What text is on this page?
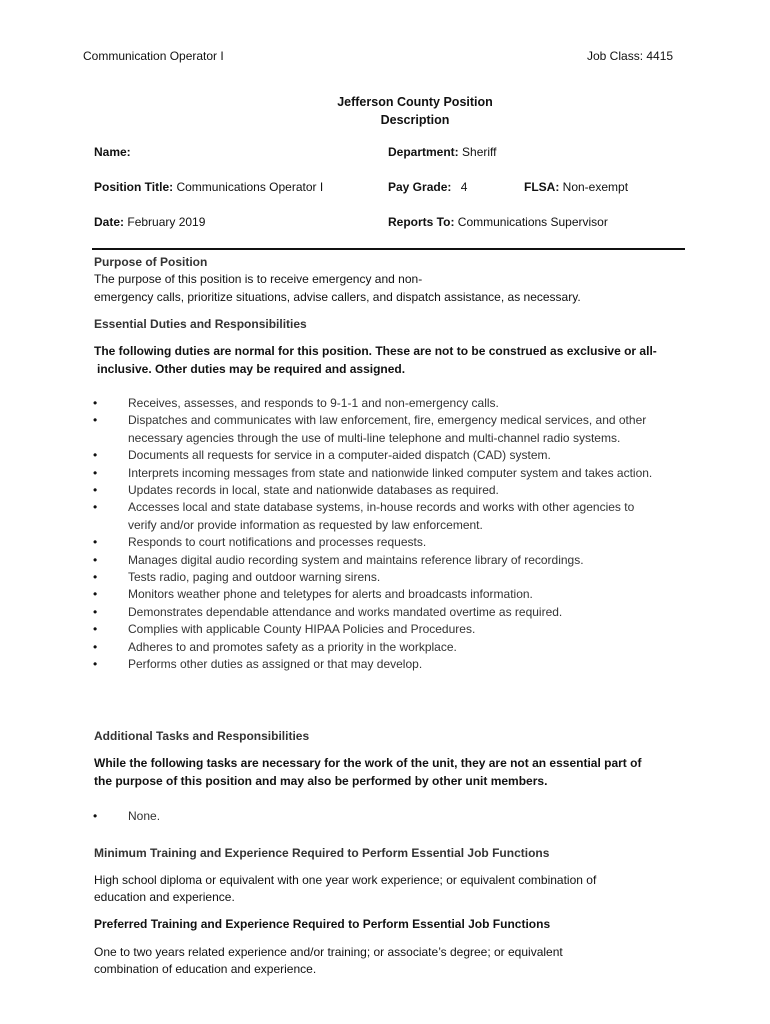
Communication Operator I	Job Class: 4415
Jefferson County Position
Description
Name:	Department: Sheriff
Position Title: Communications Operator I	Pay Grade: 4	FLSA: Non-exempt
Date: February 2019	Reports To: Communications Supervisor
Purpose of Position
The purpose of this position is to receive emergency and non-
emergency calls, prioritize situations, advise callers, and dispatch assistance, as necessary.
Essential Duties and Responsibilities
The following duties are normal for this position. These are not to be construed as exclusive or all-
inclusive. Other duties may be required and assigned.
•	Receives, assesses, and responds to 9-1-1 and non-emergency calls.
•	Dispatches and communicates with law enforcement, fire, emergency medical services, and other necessary agencies through the use of multi-line telephone and multi-channel radio systems.
•	Documents all requests for service in a computer-aided dispatch (CAD) system.
•	Interprets incoming messages from state and nationwide linked computer system and takes action.
•	Updates records in local, state and nationwide databases as required.
•	Accesses local and state database systems, in-house records and works with other agencies to verify and/or provide information as requested by law enforcement.
•	Responds to court notifications and processes requests.
•	Manages digital audio recording system and maintains reference library of recordings.
•	Tests radio, paging and outdoor warning sirens.
•	Monitors weather phone and teletypes for alerts and broadcasts information.
•	Demonstrates dependable attendance and works mandated overtime as required.
•	Complies with applicable County HIPAA Policies and Procedures.
•	Adheres to and promotes safety as a priority in the workplace.
•	Performs other duties as assigned or that may develop.
Additional Tasks and Responsibilities
While the following tasks are necessary for the work of the unit, they are not an essential part of
the purpose of this position and may also be performed by other unit members.
•	None.
Minimum Training and Experience Required to Perform Essential Job Functions
High school diploma or equivalent with one year work experience; or equivalent combination of
education and experience.
Preferred Training and Experience Required to Perform Essential Job Functions
One to two years related experience and/or training; or associate’s degree; or equivalent
combination of education and experience.
